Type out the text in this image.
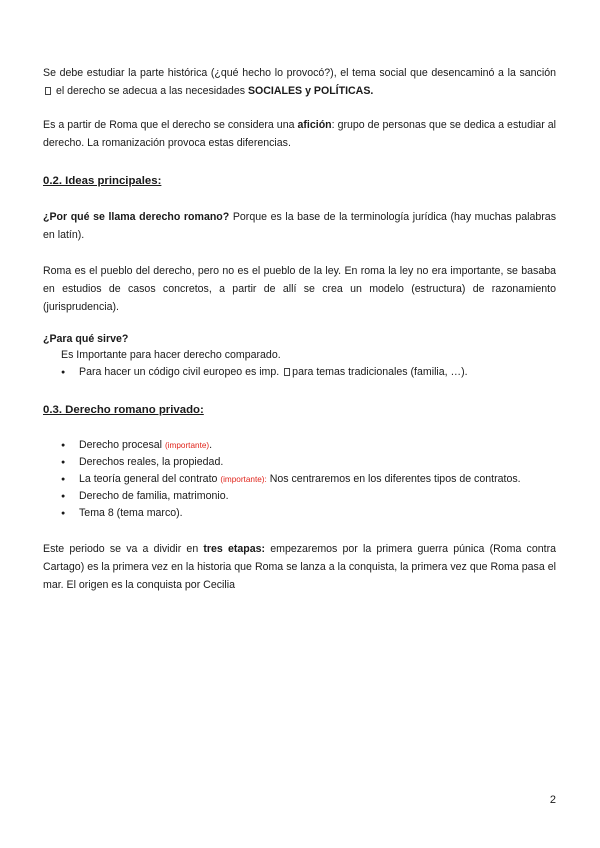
Se debe estudiar la parte histórica (¿qué hecho lo provocó?), el tema social que desencaminó a la sanción  el derecho se adecua a las necesidades SOCIALES y POLÍTICAS.

Es a partir de Roma que el derecho se considera una afición: grupo de personas que se dedica a estudiar al derecho. La romanización provoca estas diferencias.

0.2. Ideas principales:

¿Por qué se llama derecho romano? Porque es la base de la terminología jurídica (hay muchas palabras en latín).

Roma es el pueblo del derecho, pero no es el pueblo de la ley. En roma la ley no era importante, se basaba en estudios de casos concretos, a partir de allí se crea un modelo (estructura) de razonamiento (jurisprudencia).

¿Para qué sirve?

Es Importante para hacer derecho comparado.

● Para hacer un código civil europeo es imp. para temas tradicionales (familia, …).
0.3. Derecho romano privado:
● Derecho procesal (importante).
● Derechos reales, la propiedad.
● La teoría general del contrato (importante): Nos centraremos en los diferentes tipos de contratos.
● Derecho de familia, matrimonio.
● Tema 8 (tema marco).

Este periodo se va a dividir en tres etapas: empezaremos por la primera guerra púnica (Roma contra Cartago) es la primera vez en la historia que Roma se lanza a la conquista, la primera vez que Roma pasa el mar. El origen es la conquista por Cecilia

2
